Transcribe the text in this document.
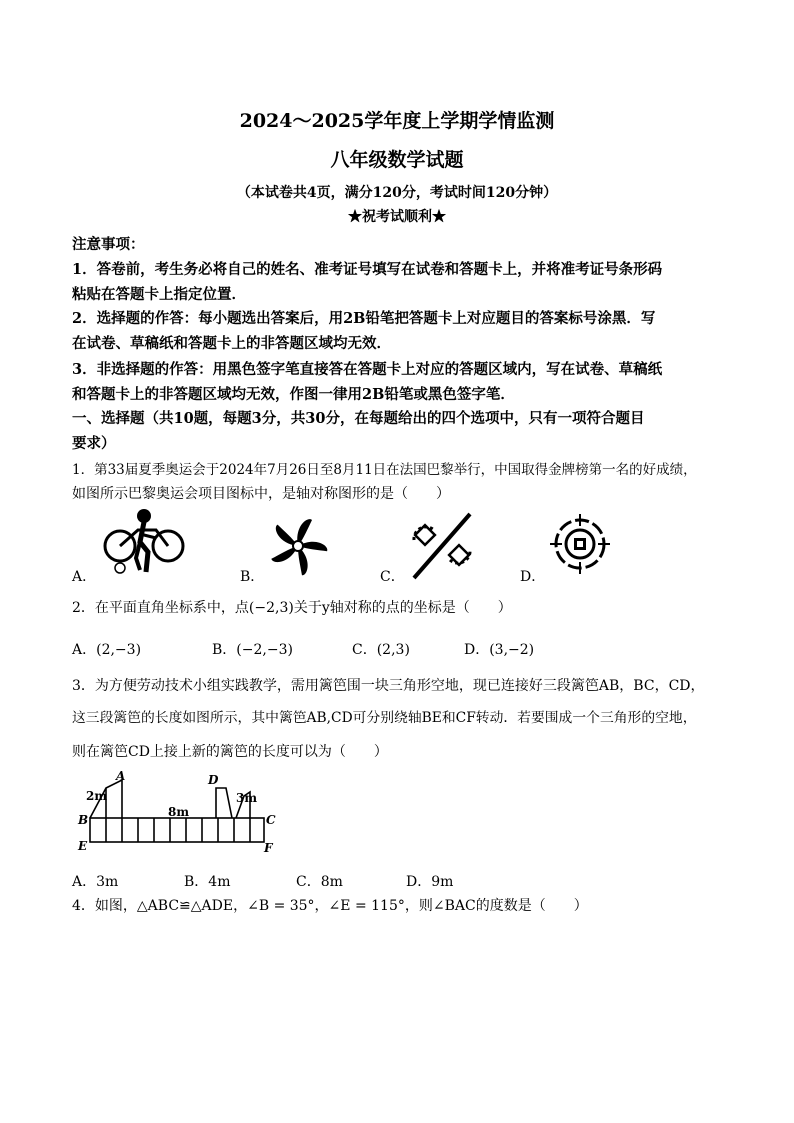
2024～2025学年度上学期学情监测
八年级数学试题
（本试卷共4页，满分120分，考试时间120分钟）
★祝考试顺利★
注意事项：
1．答卷前，考生务必将自己的姓名、准考证号填写在试卷和答题卡上，并将准考证号条形码
粘贴在答题卡上指定位置．
2．选择题的作答：每小题选出答案后，用2B铅笔把答题卡上对应题目的答案标号涂黑．写
在试卷、草稿纸和答题卡上的非答题区域均无效．
3．非选择题的作答：用黑色签字笔直接答在答题卡上对应的答题区域内，写在试卷、草稿纸
和答题卡上的非答题区域均无效，作图一律用2B铅笔或黑色签字笔．
一、选择题（共10题，每题3分，共30分，在每题给出的四个选项中，只有一项符合题目
要求）
1．第33届夏季奥运会于2024年7月26日至8月11日在法国巴黎举行，中国取得金牌榜第一名的好成绩，
如图所示巴黎奥运会项目图标中，是轴对称图形的是（　　）
A．	B．	C．	D．
2．在平面直角坐标系中，点(−2,3)关于y轴对称的点的坐标是（　　）
A．(2,−3)	B．(−2,−3)	C．(2,3)	D．(3,−2)
3．为方便劳动技术小组实践教学，需用篱笆围一块三角形空地，现已连接好三段篱笆AB，BC，CD，
这三段篱笆的长度如图所示，其中篱笆AB,CD可分别绕轴BE和CF转动．若要围成一个三角形的空地，
则在篱笆CD上接上新的篱笆的长度可以为（　　）
A
B
E
D
C
F
2m
8m
3m
A．3m	B．4m	C．8m	D．9m
4．如图，△ABC≌△ADE，∠B = 35°，∠E = 115°，则∠BAC的度数是（　　）
